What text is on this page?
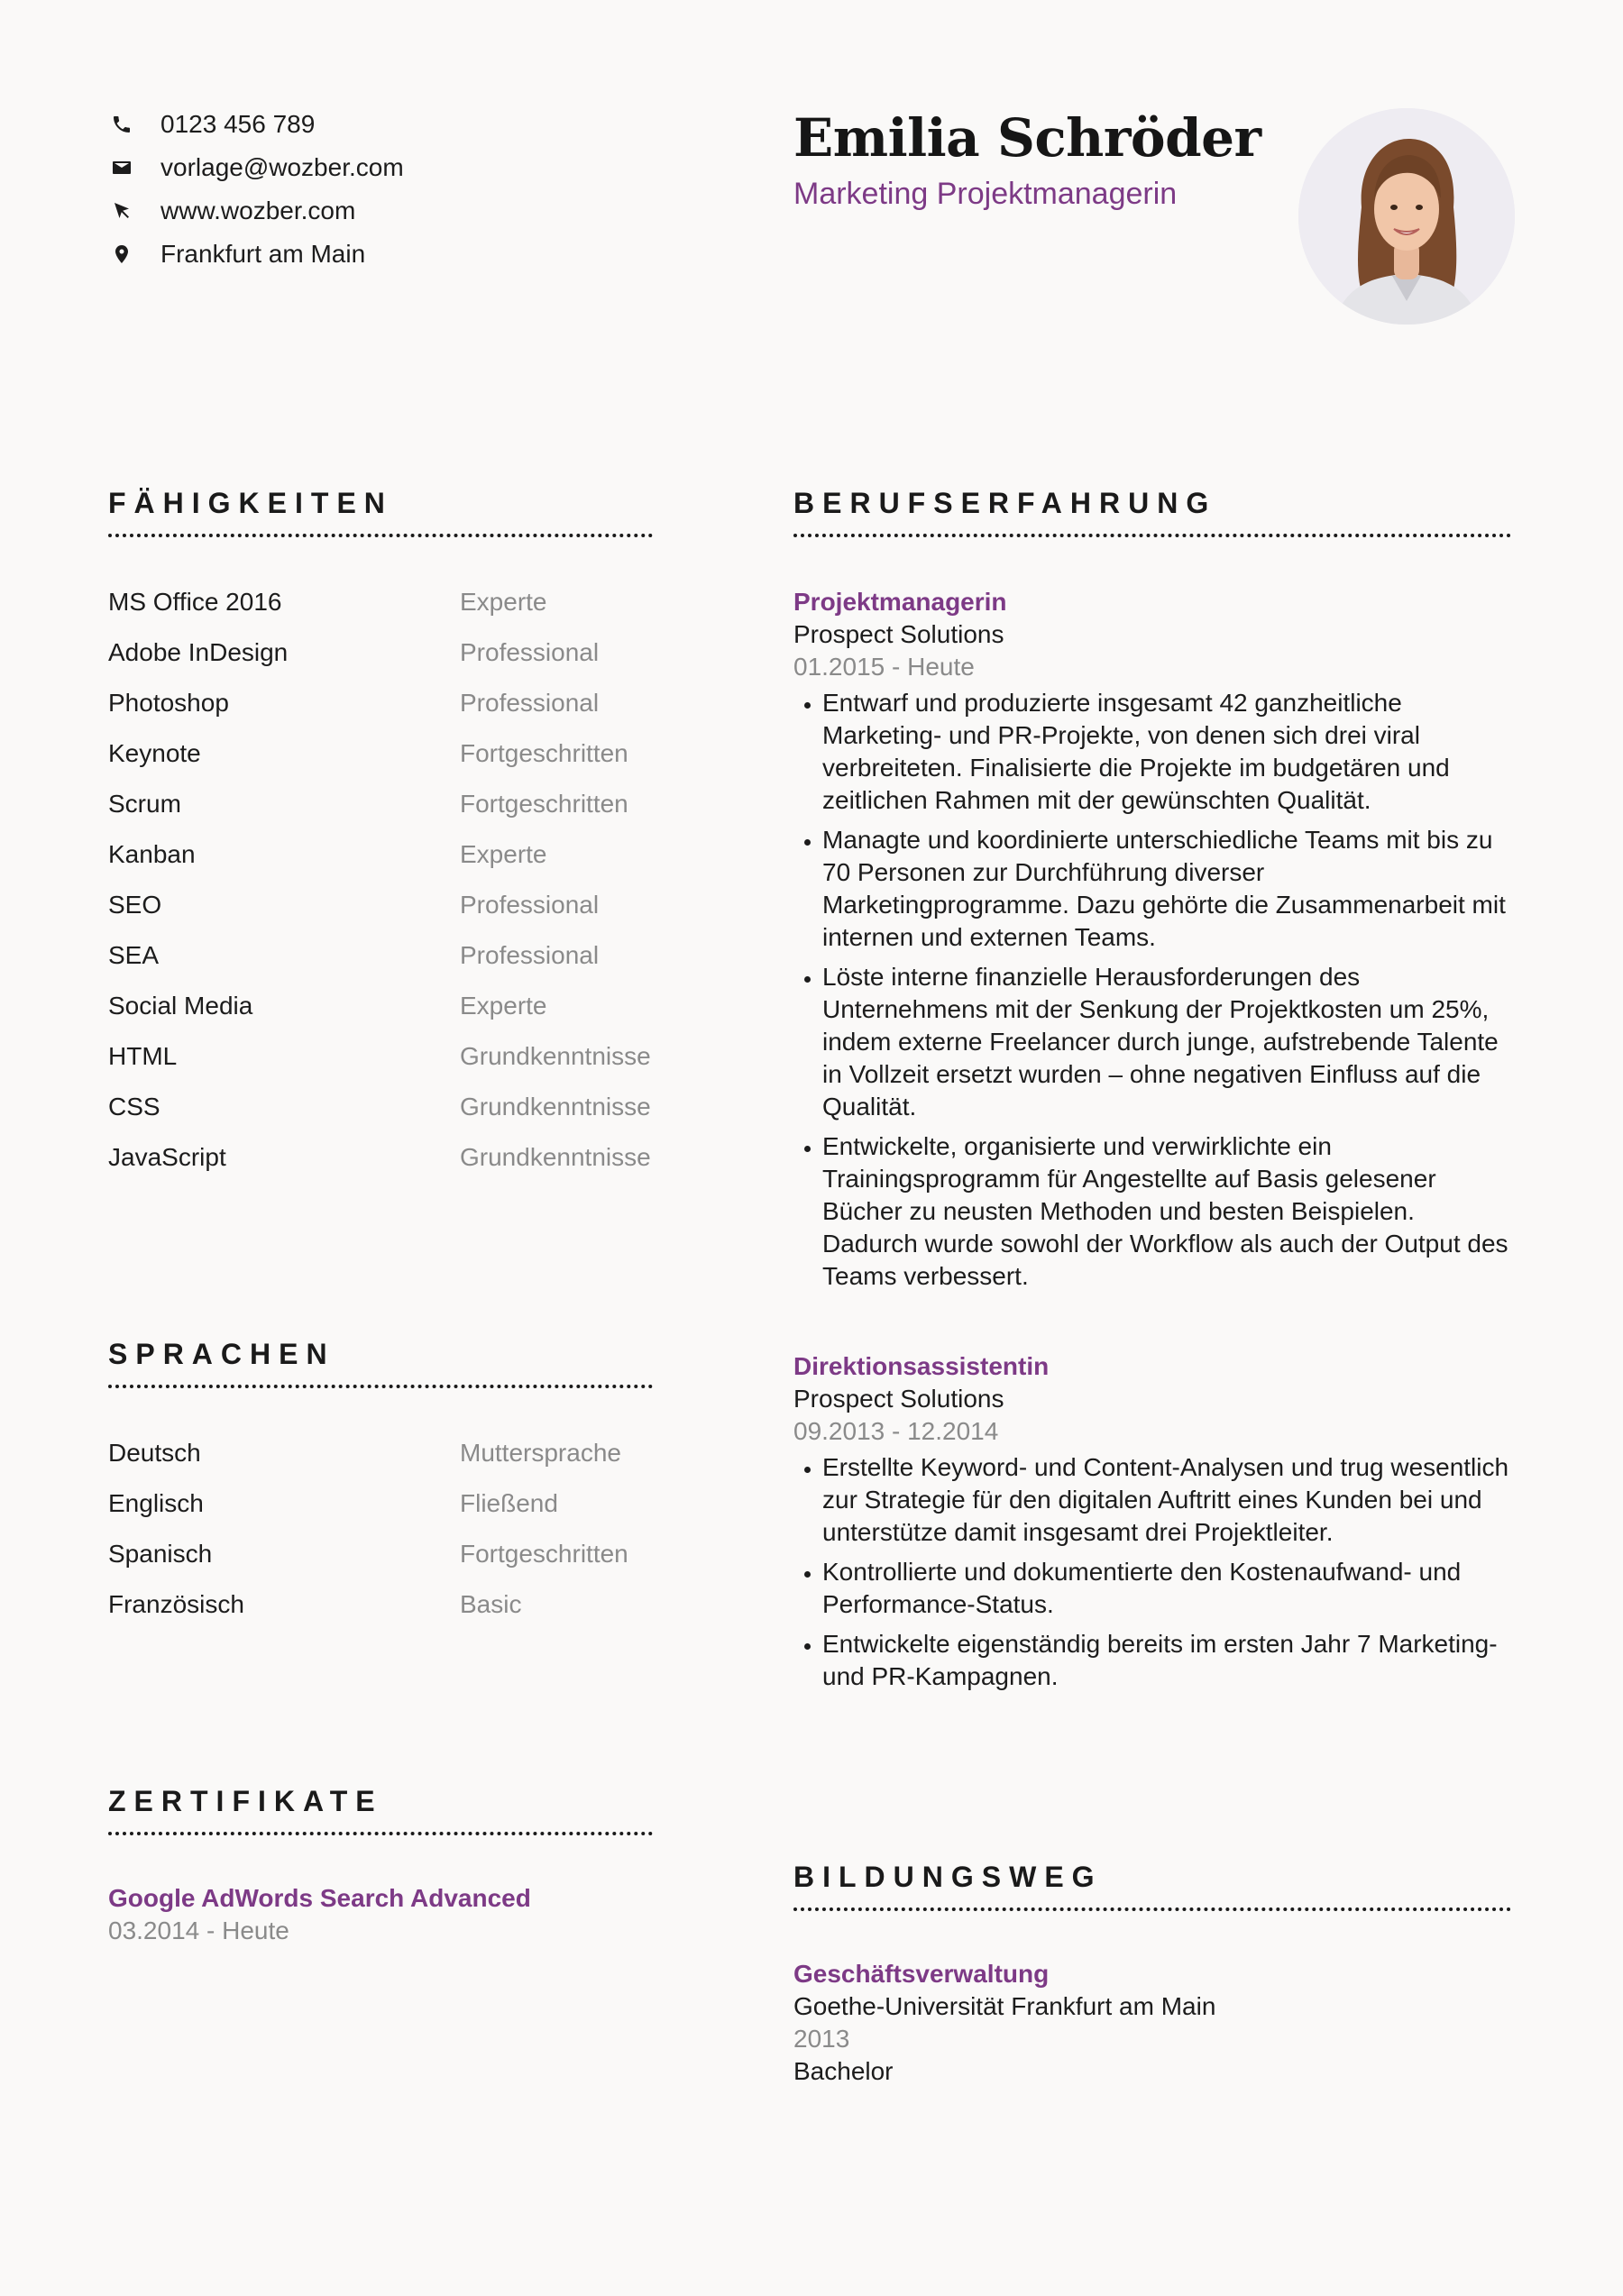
0123 456 789
vorlage@wozber.com
www.wozber.com
Frankfurt am Main
Emilia Schröder

Marketing Projektmanagerin

FÄHIGKEITEN
MS Office 2016	Experte
Adobe InDesign	Professional
Photoshop	Professional
Keynote	Fortgeschritten
Scrum	Fortgeschritten
Kanban	Experte
SEO	Professional
SEA	Professional
Social Media	Experte
HTML	Grundkenntnisse
CSS	Grundkenntnisse
JavaScript	Grundkenntnisse
SPRACHEN
Deutsch	Muttersprache
Englisch	Fließend
Spanisch	Fortgeschritten
Französisch	Basic
ZERTIFIKATE
Google AdWords Search Advanced
03.2014 - Heute
BERUFSERFAHRUNG
Projektmanagerin
Prospect Solutions
01.2015 - Heute
• Entwarf und produzierte insgesamt 42 ganzheitliche Marketing- und PR-Projekte, von denen sich drei viral verbreiteten. Finalisierte die Projekte im budgetären und zeitlichen Rahmen mit der gewünschten Qualität.
• Managte und koordinierte unterschiedliche Teams mit bis zu 70 Personen zur Durchführung diverser Marketingprogramme. Dazu gehörte die Zusammenarbeit mit internen und externen Teams.
• Löste interne finanzielle Herausforderungen des Unternehmens mit der Senkung der Projektkosten um 25%, indem externe Freelancer durch junge, aufstrebende Talente in Vollzeit ersetzt wurden – ohne negativen Einfluss auf die Qualität.
• Entwickelte, organisierte und verwirklichte ein Trainingsprogramm für Angestellte auf Basis gelesener Bücher zu neusten Methoden und besten Beispielen. Dadurch wurde sowohl der Workflow als auch der Output des Teams verbessert.
Direktionsassistentin
Prospect Solutions
09.2013 - 12.2014
• Erstellte Keyword- und Content-Analysen und trug wesentlich zur Strategie für den digitalen Auftritt eines Kunden bei und unterstütze damit insgesamt drei Projektleiter.
• Kontrollierte und dokumentierte den Kostenaufwand- und Performance-Status.
• Entwickelte eigenständig bereits im ersten Jahr 7 Marketing- und PR-Kampagnen.
BILDUNGSWEG
Geschäftsverwaltung
Goethe-Universität Frankfurt am Main
2013
Bachelor
